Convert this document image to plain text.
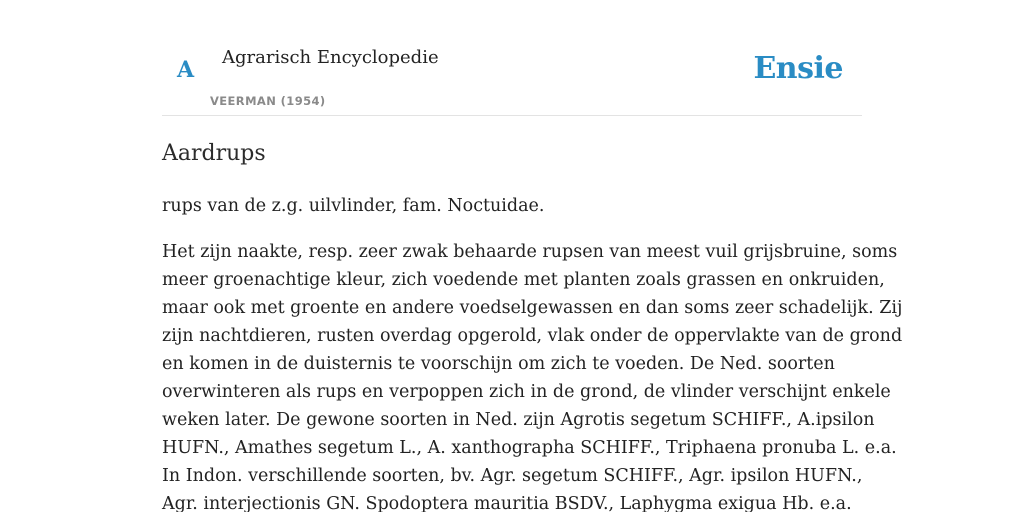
A Agrarisch Encyclopedie
VEERMAN (1954)
Ensie
Aardrups

rups van de z.g. uilvlinder, fam. Noctuidae.

Het zijn naakte, resp. zeer zwak behaarde rupsen van meest vuil grijsbruine, soms
meer groenachtige kleur, zich voedende met planten zoals grassen en onkruiden,
maar ook met groente en andere voedselgewassen en dan soms zeer schadelijk. Zij
zijn nachtdieren, rusten overdag opgerold, vlak onder de oppervlakte van de grond
en komen in de duisternis te voorschijn om zich te voeden. De Ned. soorten
overwinteren als rups en verpoppen zich in de grond, de vlinder verschijnt enkele
weken later. De gewone soorten in Ned. zijn Agrotis segetum SCHIFF., A.ipsilon
HUFN., Amathes segetum L., A. xanthographa SCHIFF., Triphaena pronuba L. e.a.
In Indon. verschillende soorten, bv. Agr. segetum SCHIFF., Agr. ipsilon HUFN.,
Agr. interjectionis GN. Spodoptera mauritia BSDV., Laphygma exigua Hb. e.a.
